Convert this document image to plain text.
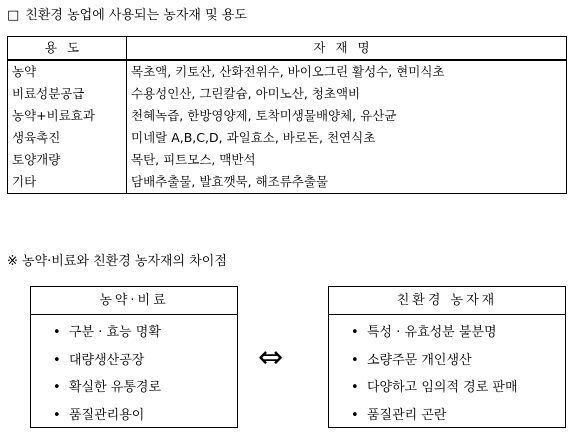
□ 친환경 농업에 사용되는 농자재 및 용도
용도	자재명
농약	목초액, 키토산, 산화전위수, 바이오그린 활성수, 현미식초
비료성분공급	수용성인산, 그린칼슘, 아미노산, 청초액비
농약+비료효과	천혜녹즙, 한방영양제, 토착미생물배양체, 유산균
생육촉진	미네랄 A,B,C,D, 과일효소, 바로돈, 천연식초
토양개량	목탄, 피트모스, 맥반석
기타	담배추출물, 발효깻묵, 해조류추출물
※ 농약·비료와 친환경 농자재의 차이점
농약·비료
• 구분 · 효능 명확
• 대량생산공장
• 확실한 유통경로
• 품질관리용이
⇔
친환경 농자재
• 특성 · 유효성분 불분명
• 소량주문 개인생산
• 다양하고 임의적 경로 판매
• 품질관리 곤란
